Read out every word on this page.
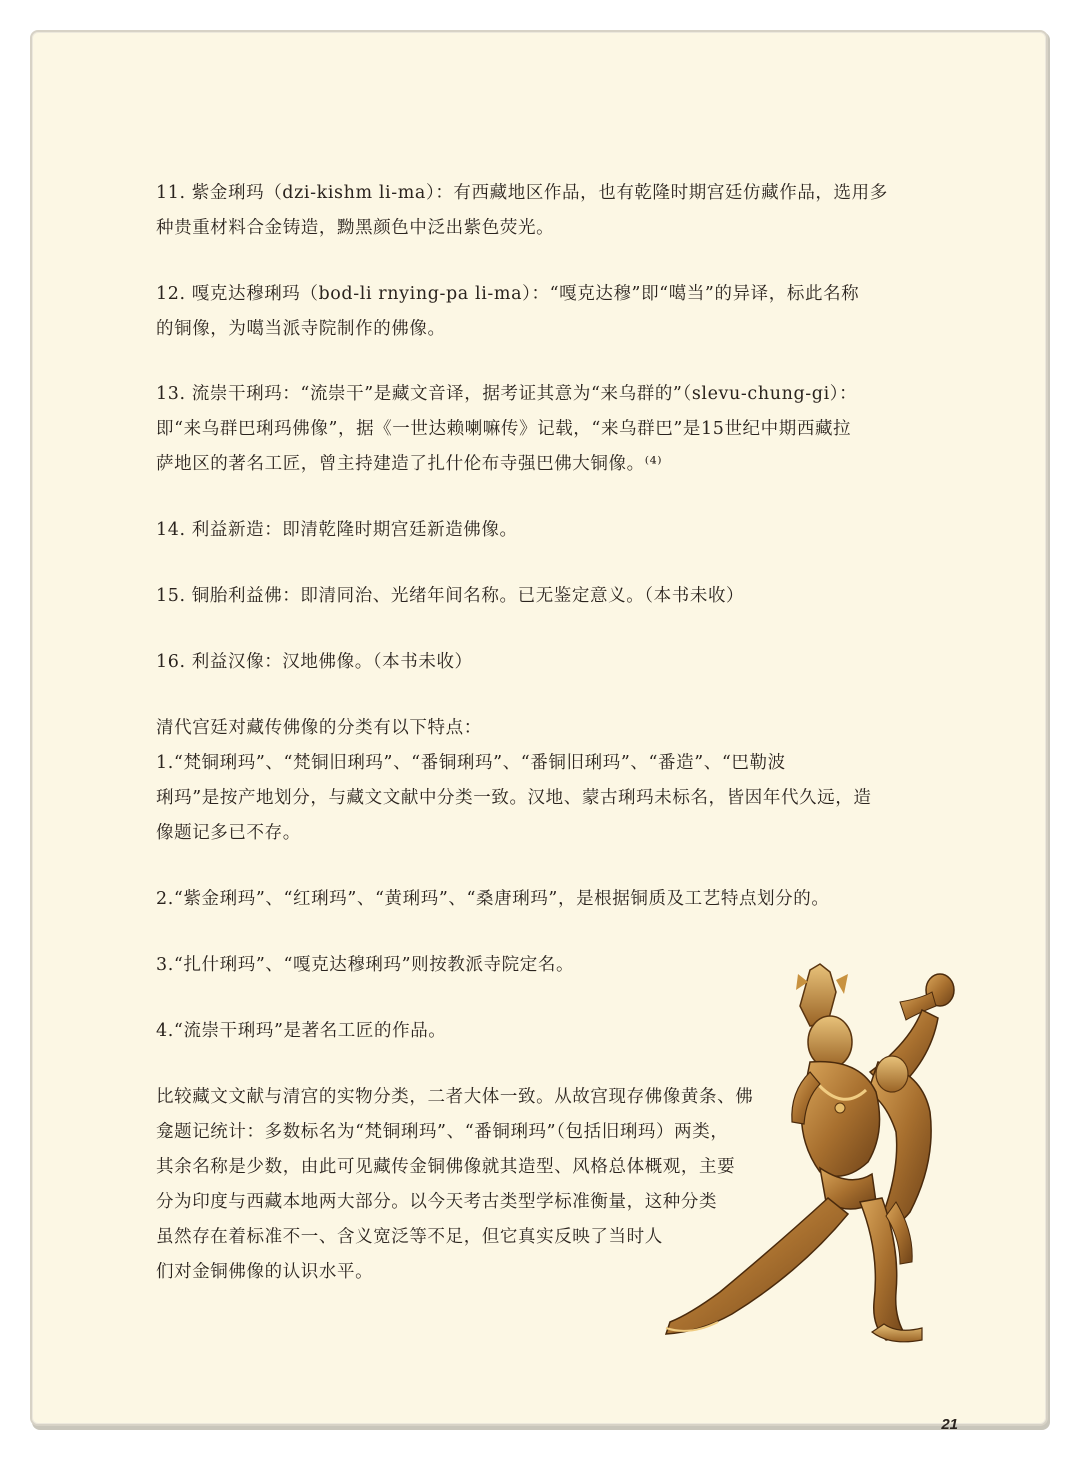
11. 紫金琍玛（dzi-kishm li-ma）：有西藏地区作品，也有乾隆时期宫廷仿藏作品，选用多
种贵重材料合金铸造，黝黑颜色中泛出紫色荧光。
12. 嘎克达穆琍玛（bod-li rnying-pa li-ma）：“嘎克达穆”即“噶当”的异译，标此名称
的铜像，为噶当派寺院制作的佛像。
13. 流崇干琍玛：“流崇干”是藏文音译，据考证其意为“来乌群的”（slevu-chung-gi）：
即“来乌群巴琍玛佛像”，据《一世达赖喇嘛传》记载，“来乌群巴”是15世纪中期西藏拉
萨地区的著名工匠，曾主持建造了扎什伦布寺强巴佛大铜像。⁽⁴⁾
14. 利益新造：即清乾隆时期宫廷新造佛像。
15. 铜胎利益佛：即清同治、光绪年间名称。已无鉴定意义。（本书未收）
16. 利益汉像：汉地佛像。（本书未收）
清代宫廷对藏传佛像的分类有以下特点：
1.“梵铜琍玛”、“梵铜旧琍玛”、“番铜琍玛”、“番铜旧琍玛”、“番造”、“巴勒波
琍玛”是按产地划分，与藏文文献中分类一致。汉地、蒙古琍玛未标名，皆因年代久远，造
像题记多已不存。
2.“紫金琍玛”、“红琍玛”、“黄琍玛”、“桑唐琍玛”，是根据铜质及工艺特点划分的。
3.“扎什琍玛”、“嘎克达穆琍玛”则按教派寺院定名。
4.“流崇干琍玛”是著名工匠的作品。
比较藏文文献与清宫的实物分类，二者大体一致。从故宫现存佛像黄条、佛
龛题记统计：多数标名为“梵铜琍玛”、“番铜琍玛”（包括旧琍玛）两类，
其余名称是少数，由此可见藏传金铜佛像就其造型、风格总体概观，主要
分为印度与西藏本地两大部分。以今天考古类型学标准衡量，这种分类
虽然存在着标准不一、含义宽泛等不足，但它真实反映了当时人
们对金铜佛像的认识水平。
21
